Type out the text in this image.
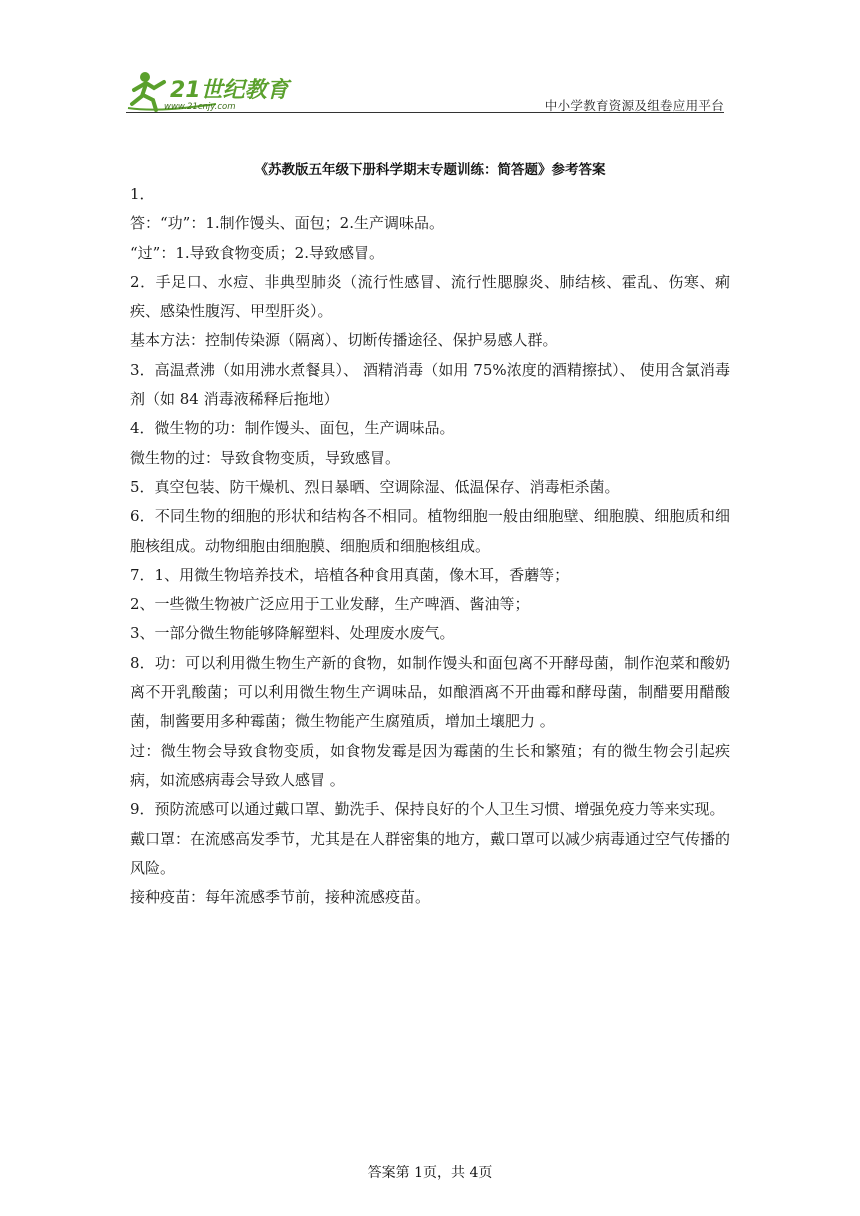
21世纪教育
www.21cnjy.com	中小学教育资源及组卷应用平台
《苏教版五年级下册科学期末专题训练：简答题》参考答案

1．

答：“功”：1.制作馒头、面包；2.生产调味品。

“过”：1.导致食物变质；2.导致感冒。

2．手足口、水痘、非典型肺炎（流行性感冒、流行性腮腺炎、肺结核、霍乱、伤寒、痢疾、感染性腹泻、甲型肝炎）。

基本方法：控制传染源（隔离）、切断传播途径、保护易感人群。

3．高温煮沸（如用沸水煮餐具）、 酒精消毒（如用 75%浓度的酒精擦拭）、 使用含氯消毒剂（如 84 消毒液稀释后拖地）

4．微生物的功：制作馒头、面包，生产调味品。

微生物的过：导致食物变质，导致感冒。

5．真空包装、防干燥机、烈日暴晒、空调除湿、低温保存、消毒柜杀菌。

6．不同生物的细胞的形状和结构各不相同。植物细胞一般由细胞壁、细胞膜、细胞质和细胞核组成。动物细胞由细胞膜、细胞质和细胞核组成。

7．1、用微生物培养技术，培植各种食用真菌，像木耳，香蘑等；

2、一些微生物被广泛应用于工业发酵，生产啤酒、酱油等；

3、一部分微生物能够降解塑料、处理废水废气。

8．功：可以利用微生物生产新的食物，如制作馒头和面包离不开酵母菌，制作泡菜和酸奶离不开乳酸菌；可以利用微生物生产调味品，如酿酒离不开曲霉和酵母菌，制醋要用醋酸菌，制酱要用多种霉菌；微生物能产生腐殖质，增加土壤肥力 。

过：微生物会导致食物变质，如食物发霉是因为霉菌的生长和繁殖；有的微生物会引起疾病，如流感病毒会导致人感冒 。

9．预防流感可以通过戴口罩、勤洗手、保持良好的个人卫生习惯、增强免疫力等来实现。

戴口罩：在流感高发季节，尤其是在人群密集的地方，戴口罩可以减少病毒通过空气传播的风险。

接种疫苗：每年流感季节前，接种流感疫苗。

答案第 1页，共 4页
